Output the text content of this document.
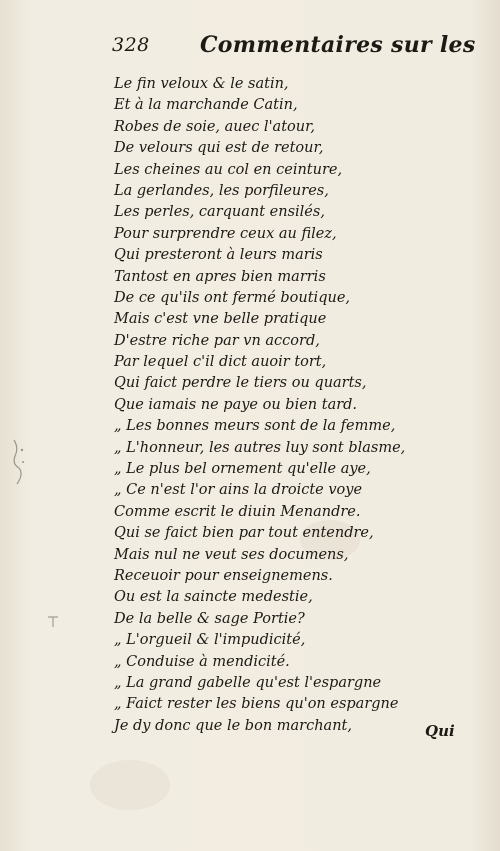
328 Commentaires sur les
Le fin veloux & le satin,
Et à la marchande Catin,
Robes de soie, auec l'atour,
De velours qui est de retour,
Les cheines au col en ceinture,
La gerlandes, les porfileures,
Les perles, carquant ensilés,
Pour surprendre ceux au filez,
Qui presteront à leurs maris
Tantost en apres bien marris
De ce qu'ils ont fermé boutique,
Mais c'est vne belle pratique
D'estre riche par vn accord,
Par lequel c'il dict auoir tort,
Qui faict perdre le tiers ou quarts,
Que iamais ne paye ou bien tard.
„ Les bonnes meurs sont de la femme,
„ L'honneur, les autres luy sont blasme,
„ Le plus bel ornement qu'elle aye,
„ Ce n'est l'or ains la droicte voye
Comme escrit le diuin Menandre.
Qui se faict bien par tout entendre,
Mais nul ne veut ses documens,
Receuoir pour enseignemens.
Ou est la saincte medestie,
De la belle & sage Portie?
„ L'orgueil & l'impudicité,
„ Conduise à mendicité.
„ La grand gabelle qu'est l'espargne
„ Faict rester les biens qu'on espargne
Je dy donc que le bon marchant,	Qui
